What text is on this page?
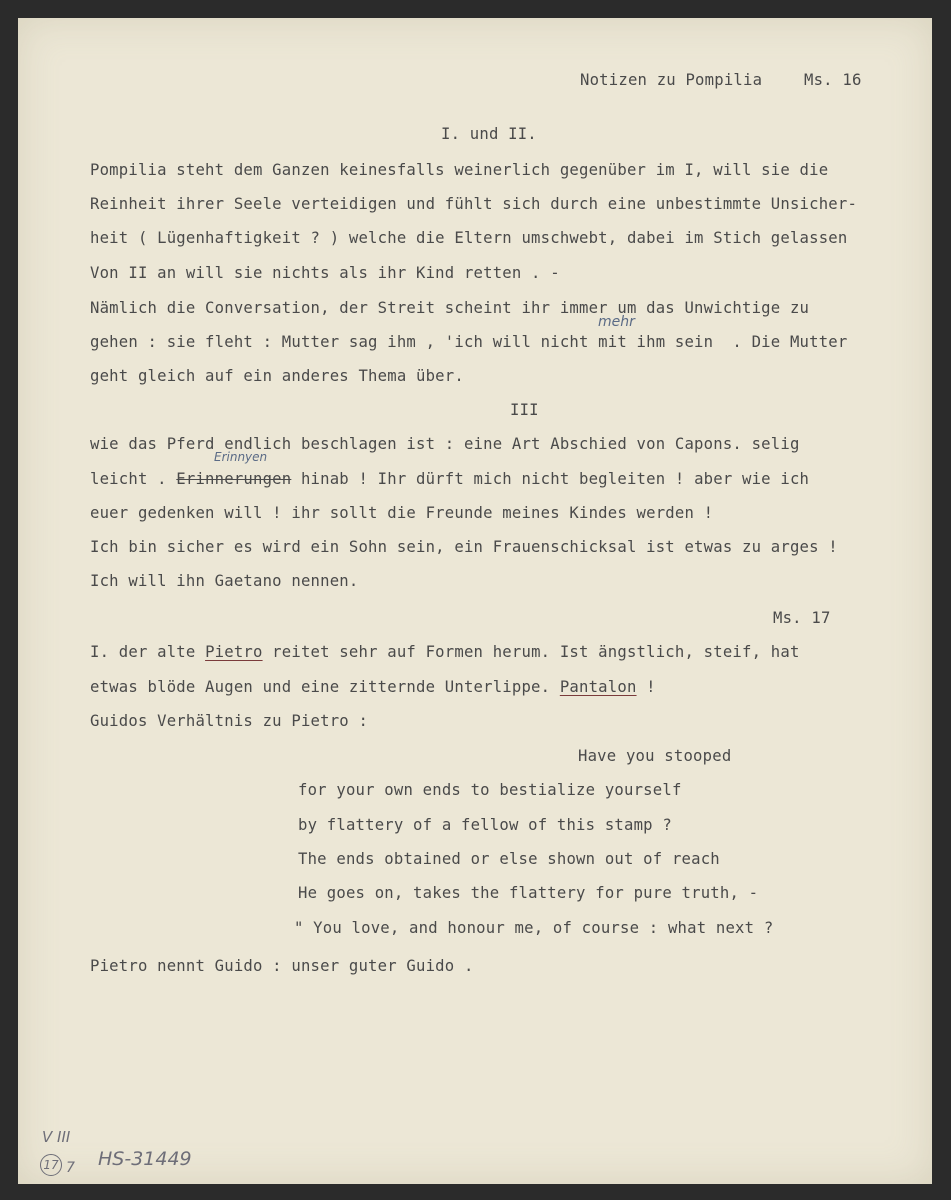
Notizen zu Pompilia	Ms. 16
I. und II.
Pompilia steht dem Ganzen keinesfalls weinerlich gegenüber im I, will sie die
Reinheit ihrer Seele verteidigen und fühlt sich durch eine unbestimmte Unsicher-
heit ( Lügenhaftigkeit ? ) welche die Eltern umschwebt, dabei im Stich gelassen
Von II an will sie nichts als ihr Kind retten . -
Nämlich die Conversation, der Streit scheint ihr immer um das Unwichtige zu
mehr
gehen : sie fleht : Mutter sag ihm , 'ich will nicht mit ihm sein  . Die Mutter
geht gleich auf ein anderes Thema über.
III
wie das Pferd endlich beschlagen ist : eine Art Abschied von Capons. selig
Erinnyen
leicht . Erinnerungen hinab ! Ihr dürft mich nicht begleiten ! aber wie ich
euer gedenken will ! ihr sollt die Freunde meines Kindes werden !
Ich bin sicher es wird ein Sohn sein, ein Frauenschicksal ist etwas zu arges !
Ich will ihn Gaetano nennen.
Ms. 17
I. der alte Pietro reitet sehr auf Formen herum. Ist ängstlich, steif, hat
etwas blöde Augen und eine zitternde Unterlippe. Pantalon !
Guidos Verhältnis zu Pietro :
Have you stooped
for your own ends to bestialize yourself
by flattery of a fellow of this stamp ?
The ends obtained or else shown out of reach
He goes on, takes the flattery for pure truth, -
" You love, and honour me, of course : what next ?
Pietro nennt Guido : unser guter Guido .
V III
17 7 HS-31449
